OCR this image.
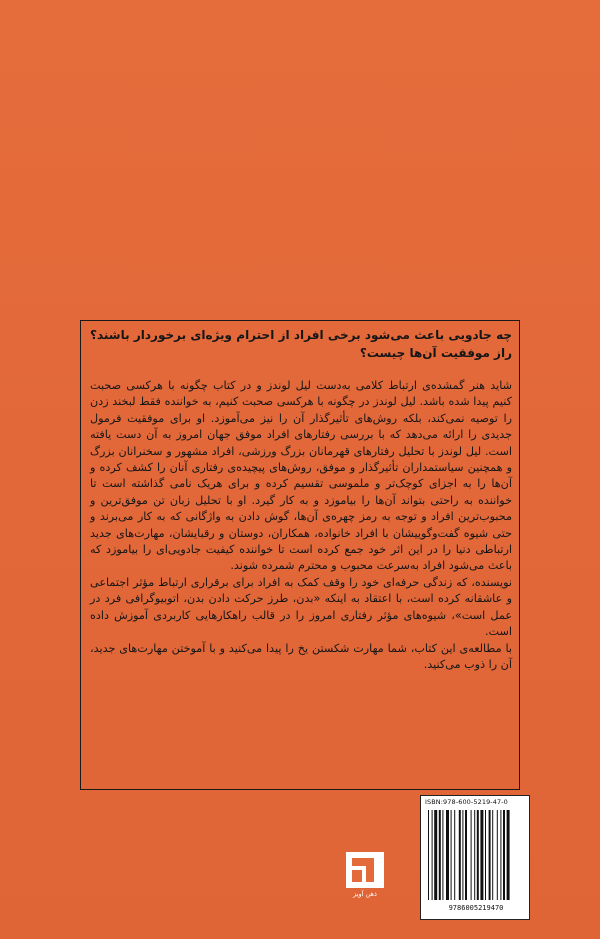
چه جادویی باعث می‌شود برخی افراد از احترام ویژه‌ای برخوردار باشند؟ راز موفقیت آن‌ها چیست؟

شاید هنر گمشده‌ی ارتباط کلامی به‌دست لیل لوندز و در کتاب چگونه با هرکسی صحبت کنیم پیدا شده باشد. لیل لوندز در چگونه با هرکسی صحبت کنیم، به خواننده فقط لبخند زدن را توصیه نمی‌کند، بلکه روش‌های تأثیرگذار آن را نیز می‌آموزد. او برای موفقیت فرمول جدیدی را ارائه می‌دهد که با بررسی رفتارهای افراد موفق جهان امروز به آن دست یافته است. لیل لوندز با تحلیل رفتارهای قهرمانان بزرگ ورزشی، افراد مشهور و سخنرانان بزرگ و همچنین سیاستمداران تأثیرگذار و موفق، روش‌های پیچیده‌ی رفتاری آنان را کشف کرده و آن‌ها را به اجزای کوچک‌تر و ملموسی تقسیم کرده و برای هریک نامی گذاشته است تا خواننده به راحتی بتواند آن‌ها را بیاموزد و به کار گیرد. او با تحلیل زبان تن موفق‌ترین و محبوب‌ترین افراد و توجه به رمز چهره‌ی آن‌ها، گوش دادن به واژگانی که به کار می‌برند و حتی شیوه گفت‌وگوییشان با افراد خانواده، همکاران، دوستان و رقبایشان، مهارت‌های جدید ارتباطی دنیا را در این اثر خود جمع کرده است تا خواننده کیفیت جادویی‌ای را بیاموزد که باعث می‌شود افراد به‌سرعت محبوب و محترم شمرده شوند.

نویسنده، که زندگی حرفه‌ای خود را وقف کمک به افراد برای برقراری ارتباط مؤثر اجتماعی و عاشقانه کرده است، با اعتقاد به اینکه «بدن، طرز حرکت دادن بدن، اتوبیوگرافی فرد در عمل است»، شیوه‌های مؤثر رفتاری امروز را در قالب راهکارهایی کاربردی آموزش داده است.

با مطالعه‌ی این کتاب، شما مهارت شکستن یخ را پیدا می‌کنید و با آموختن مهارت‌های جدید، آن را ذوب می‌کنید.

ذهن آویز
ISBN:978-600-5219-47-0
9786005219470
